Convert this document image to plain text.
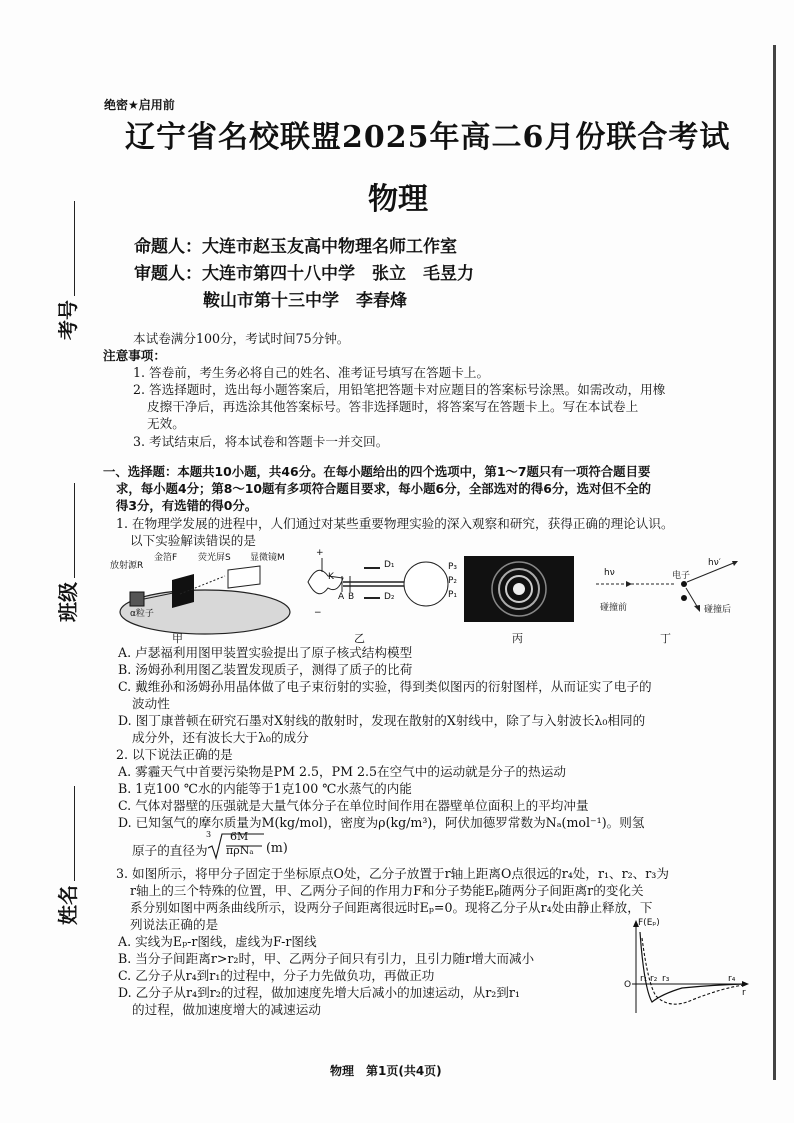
考号
班级
姓名
绝密★启用前
辽宁省名校联盟2025年高二6月份联合考试
物理
命题人：大连市赵玉友高中物理名师工作室
审题人：大连市第四十八中学　张立　毛昱力
鞍山市第十三中学　李春烽
本试卷满分100分，考试时间75分钟。
注意事项：
1. 答卷前，考生务必将自己的姓名、准考证号填写在答题卡上。
2. 答选择题时，选出每小题答案后，用铅笔把答题卡对应题目的答案标号涂黑。如需改动，用橡
皮擦干净后，再选涂其他答案标号。答非选择题时，将答案写在答题卡上。写在本试卷上
无效。
3. 考试结束后，将本试卷和答题卡一并交回。
一、选择题：本题共10小题，共46分。在每小题给出的四个选项中，第1～7题只有一项符合题目要
求，每小题4分；第8～10题有多项符合题目要求，每小题6分，全部选对的得6分，选对但不全的
得3分，有选错的得0分。
1. 在物理学发展的进程中，人们通过对某些重要物理实验的深入观察和研究，获得正确的理论认识。
以下实验解读错误的是
放射源R
金箔F 荧光屏S 显微镜M
α粒子
甲
+
−
K
A B
D₁
D₂
P₃
P₂
P₁
乙	丙
hν
hν′
电子
碰撞前	碰撞后
丁
A. 卢瑟福利用图甲装置实验提出了原子核式结构模型
B. 汤姆孙利用图乙装置发现质子，测得了质子的比荷
C. 戴维孙和汤姆孙用晶体做了电子束衍射的实验，得到类似图丙的衍射图样，从而证实了电子的
波动性
D. 图丁康普顿在研究石墨对X射线的散射时，发现在散射的X射线中，除了与入射波长λ₀相同的
成分外，还有波长大于λ₀的成分
2. 以下说法正确的是
A. 雾霾天气中首要污染物是PM 2.5，PM 2.5在空气中的运动就是分子的热运动
B. 1克100 ℃水的内能等于1克100 ℃水蒸气的内能
C. 气体对器壁的压强就是大量气体分子在单位时间作用在器壁单位面积上的平均冲量
D. 已知氢气的摩尔质量为M(kg/mol)，密度为ρ(kg/m³)，阿伏加德罗常数为Nₐ(mol⁻¹)。则氢
原子的直径为
3 6M
πρNₐ (m)
3. 如图所示，将甲分子固定于坐标原点O处，乙分子放置于r轴上距离O点很远的r₄处，r₁、r₂、r₃为
r轴上的三个特殊的位置，甲、乙两分子间的作用力F和分子势能Eₚ随两分子间距离r的变化关
系分别如图中两条曲线所示，设两分子间距离很远时Eₚ=0。现将乙分子从r₄处由静止释放，下
列说法正确的是
A. 实线为Eₚ-r图线，虚线为F-r图线
B. 当分子间距离r>r₂时，甲、乙两分子间只有引力，且引力随r增大而减小
C. 乙分子从r₄到r₁的过程中，分子力先做负功，再做正功
D. 乙分子从r₄到r₂的过程，做加速度先增大后减小的加速运动，从r₂到r₁
的过程，做加速度增大的减速运动
F(Eₚ)
O
r₁ r₂ r₃	r₄
r
物理　第1页(共4页)
